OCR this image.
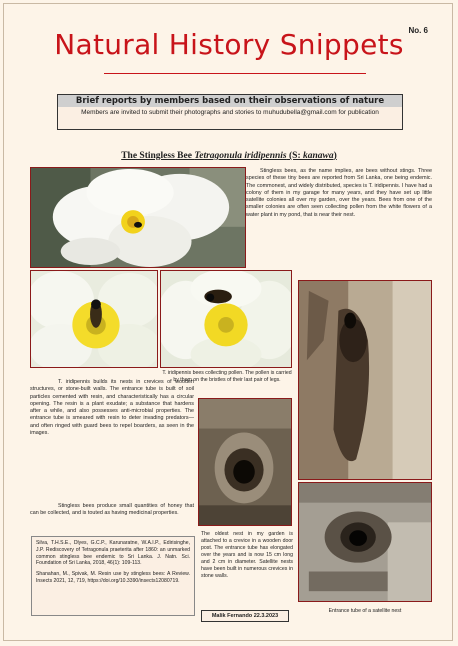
Natural History Snippets No. 6
Brief reports by members based on their observations of nature
Members are invited to submit their photographs and stories to muhudubella@gmail.com for publication
The Stingless Bee Tetragonula iridipennis (S: kanawa)
T. iridipennis bees collecting pollen. The pollen is carried by them on the bristles of their last pair of legs.
Stingless bees, as the name implies, are bees without stings. Three species of these tiny bees are reported from Sri Lanka, one being endemic. The commonest, and widely distributed, species is T. iridipennis. I have had a colony of them in my garage for many years, and they have set up little satellite colonies all over my garden, over the years. Bees from one of the smaller colonies are often seen collecting pollen from the white flowers of a water plant in my pond, that is near their nest.
T. iridipennis builds its nests in crevices of wooden structures, or stone-built walls. The entrance tube is built of soil particles cemented with resin, and characteristically has a circular opening. The resin is a plant exudate; a substance that hardens after a while, and also possesses anti-microbial properties. The entrance tube is smeared with resin to deter invading predators—and often ringed with guard bees to repel boarders, as seen in the images.
Stingless bees produce small quantities of honey that can be collected, and is touted as having medicinal properties.
The oldest nest in my garden is attached to a crevice in a wooden door post. The entrance tube has elongated over the years and is now 15 cm long and 2 cm in diameter. Satellite nests have been built in numerous crevices in stone walls.
Entrance tube of a satellite nest

Silva, T.H.S.E., Dlyes, G.C.P., Karunaratne, W.A.I.P., Edirisinghe, J.P. Rediscovery of Tetragonula praeterita after 1860: an unmarked common stingless bee endemic to Sri Lanka. J. Natn. Sci. Foundation of Sri Lanka, 2018, 46(1): 109-113.

Shanahan, M., Spivak, M. Resin use by stingless bees: A Review. Insects 2021, 12, 719, https://doi.org/10.3390/insects12080719.

Malik Fernando 22.3.2023
